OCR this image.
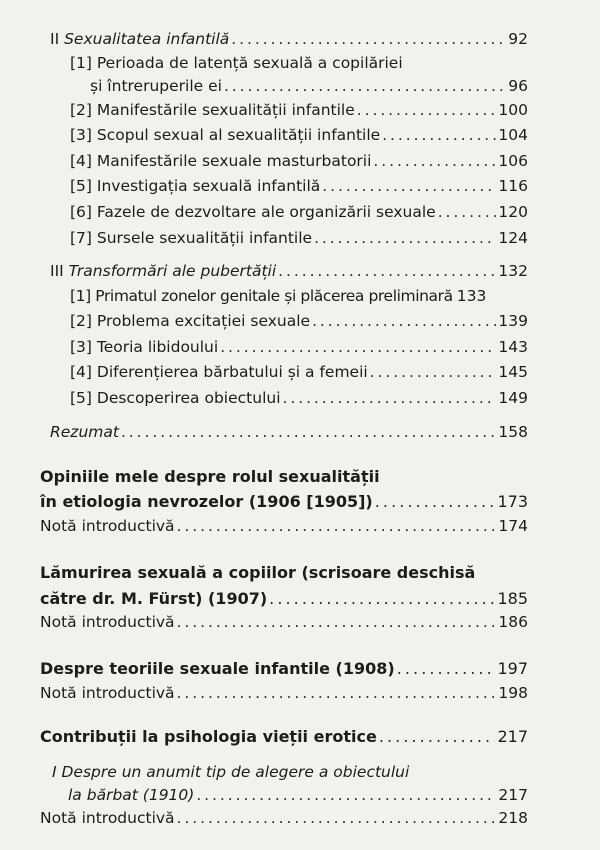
II Sexualitatea infantilă . . .	92
[1] Perioada de latență sexuală a copilăriei
și întreruperile ei . . .	96
[2] Manifestările sexualității infantile . . .	100
[3] Scopul sexual al sexualității infantile . . .	104
[4] Manifestările sexuale masturbatorii . . .	106
[5] Investigația sexuală infantilă . . .	116
[6] Fazele de dezvoltare ale organizării sexuale . . .	120
[7] Sursele sexualității infantile . . .	124
III Transformări ale pubertății . . .	132
[1] Primatul zonelor genitale și plăcerea preliminară 133
[2] Problema excitației sexuale . . .	139
[3] Teoria libidoului . . .	143
[4] Diferențierea bărbatului și a femeii . . .	145
[5] Descoperirea obiectului . . .	149
Rezumat . . .	158
Opiniile mele despre rolul sexualității
în etiologia nevrozelor (1906 [1905]) . . .	173
Notă introductivă . . .	174
Lămurirea sexuală a copiilor (scrisoare deschisă
către dr. M. Fürst) (1907) . . .	185
Notă introductivă . . .	186
Despre teoriile sexuale infantile (1908) . . .	197
Notă introductivă . . .	198
Contribuții la psihologia vieții erotice . . .	217
I Despre un anumit tip de alegere a obiectului
la bărbat (1910) . . .	217
Notă introductivă . . .	218
